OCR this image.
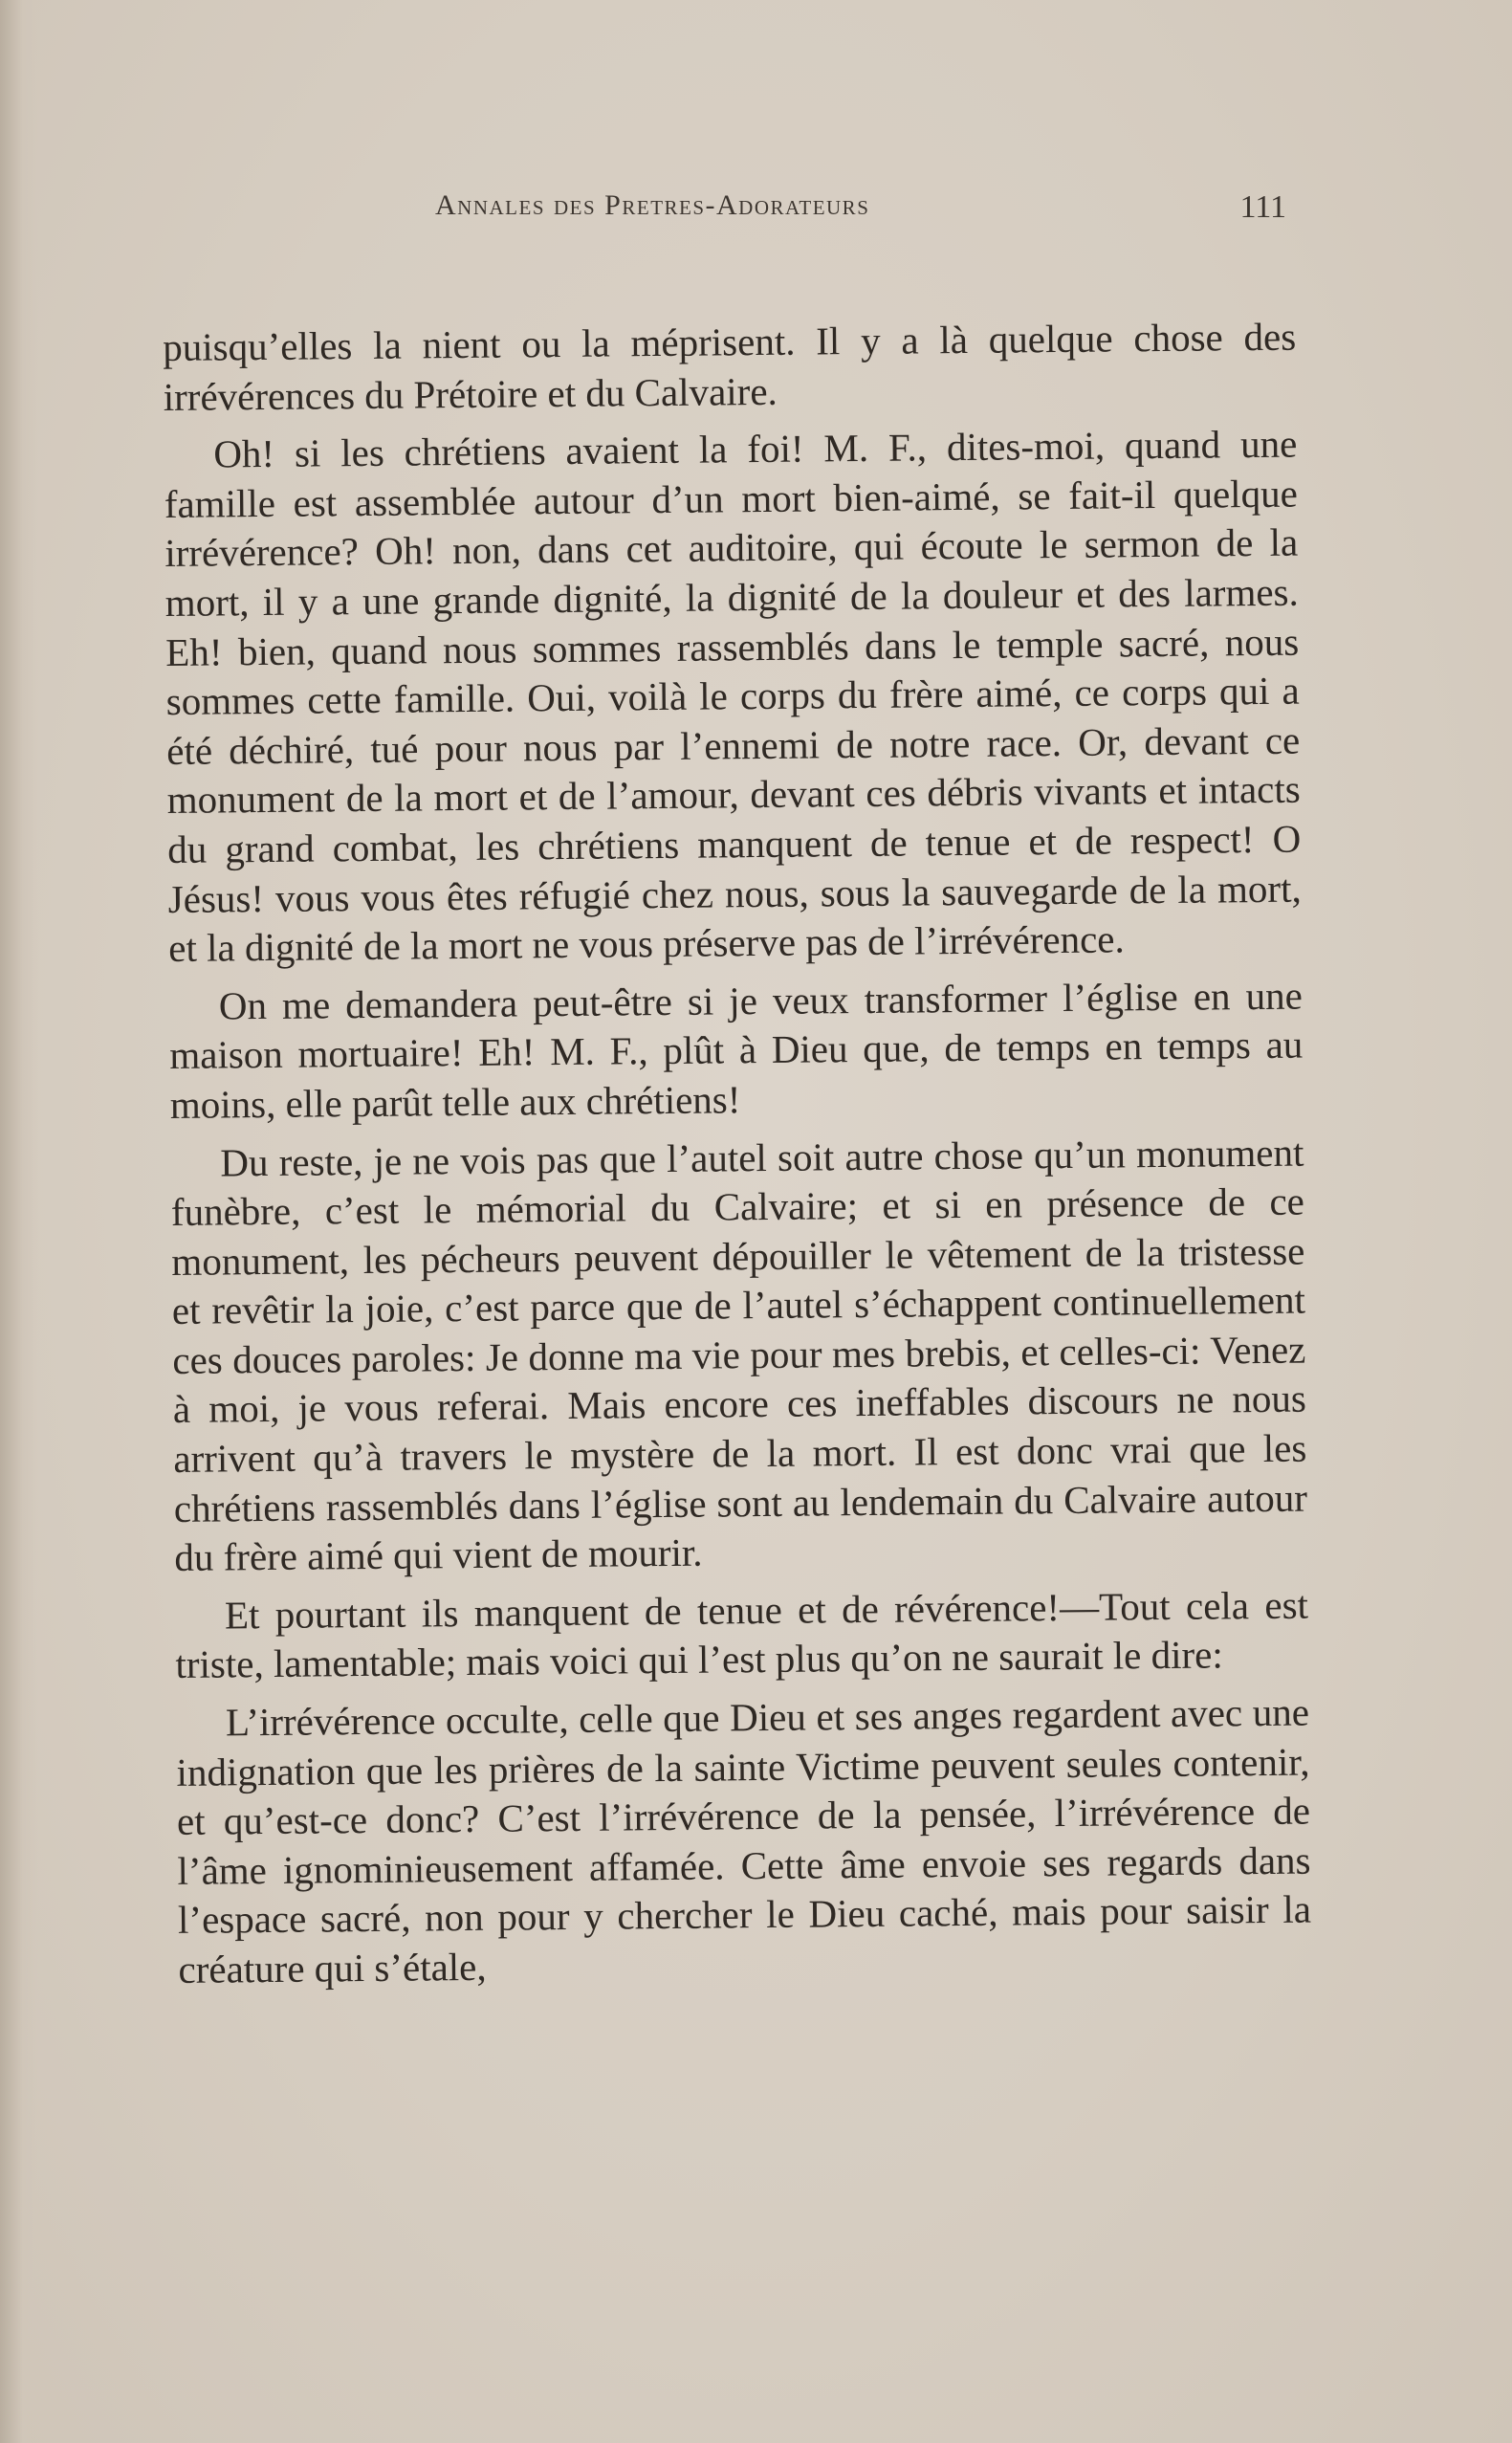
Annales des Pretres-Adorateurs	111

puisqu’elles la nient ou la méprisent. Il y a là quelque chose des irrévérences du Prétoire et du Calvaire.

Oh! si les chrétiens avaient la foi! M. F., dites-moi, quand une famille est assemblée autour d’un mort bien-aimé, se fait-il quelque irrévérence? Oh! non, dans cet auditoire, qui écoute le sermon de la mort, il y a une grande dignité, la dignité de la douleur et des larmes. Eh! bien, quand nous sommes rassemblés dans le temple sacré, nous sommes cette famille. Oui, voilà le corps du frère aimé, ce corps qui a été déchiré, tué pour nous par l’ennemi de notre race. Or, devant ce monument de la mort et de l’amour, devant ces débris vivants et intacts du grand combat, les chrétiens manquent de tenue et de respect! O Jésus! vous vous êtes réfugié chez nous, sous la sauvegarde de la mort, et la dignité de la mort ne vous préserve pas de l’irrévérence.

On me demandera peut-être si je veux transformer l’église en une maison mortuaire! Eh! M. F., plût à Dieu que, de temps en temps au moins, elle parût telle aux chrétiens!

Du reste, je ne vois pas que l’autel soit autre chose qu’un monument funèbre, c’est le mémorial du Calvaire; et si en présence de ce monument, les pécheurs peuvent dépouiller le vêtement de la tristesse et revêtir la joie, c’est parce que de l’autel s’échappent continuellement ces douces paroles: Je donne ma vie pour mes brebis, et celles-ci: Venez à moi, je vous referai. Mais encore ces ineffables discours ne nous arrivent qu’à travers le mystère de la mort. Il est donc vrai que les chrétiens rassemblés dans l’église sont au lendemain du Calvaire autour du frère aimé qui vient de mourir.

Et pourtant ils manquent de tenue et de révérence!—Tout cela est triste, lamentable; mais voici qui l’est plus qu’on ne saurait le dire:

L’irrévérence occulte, celle que Dieu et ses anges regardent avec une indignation que les prières de la sainte Victime peuvent seules contenir, et qu’est-ce donc? C’est l’irrévérence de la pensée, l’irrévérence de l’âme ignominieusement affamée. Cette âme envoie ses regards dans l’espace sacré, non pour y chercher le Dieu caché, mais pour saisir la créature qui s’étale,
